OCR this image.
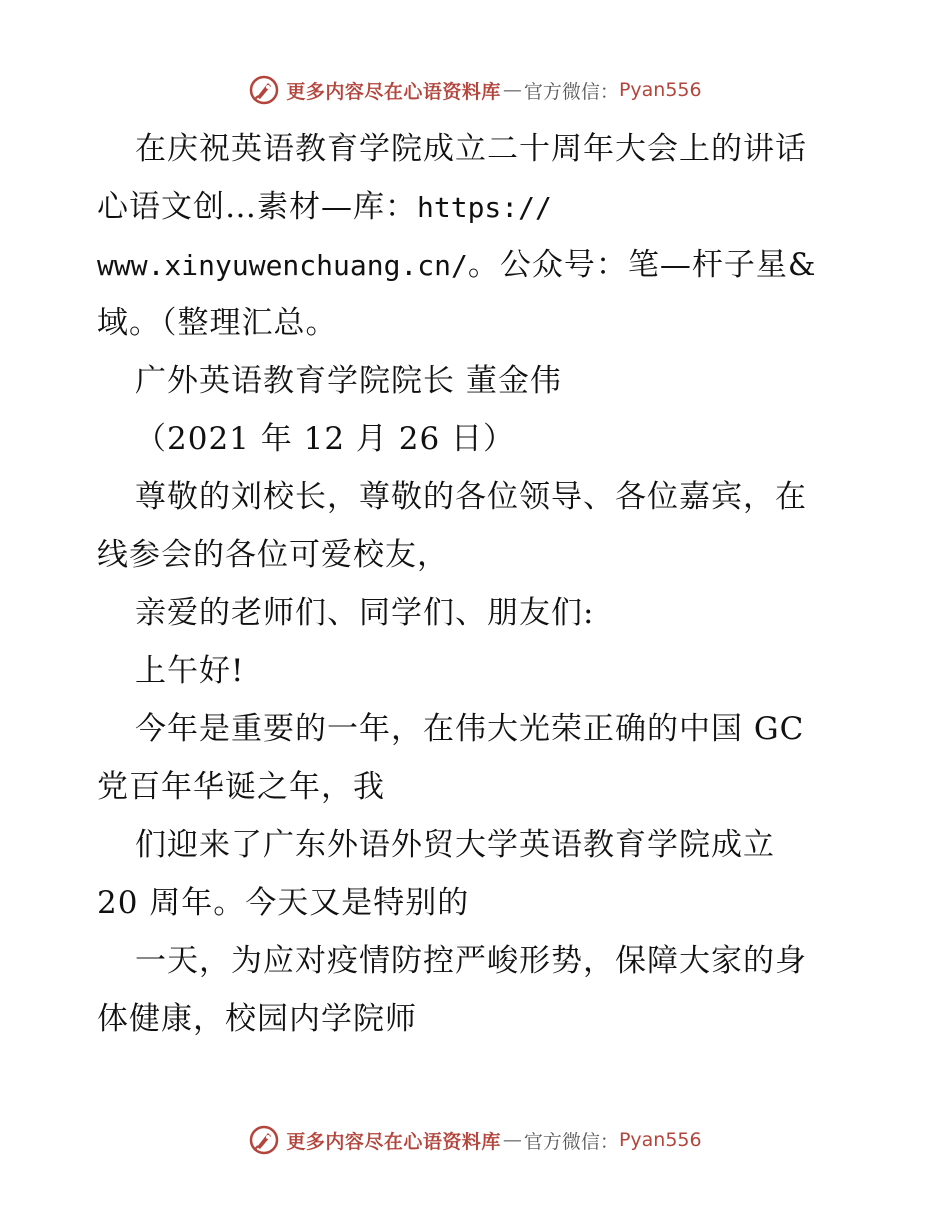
更多内容尽在心语资料库 — 官方微信： Pyan556
在庆祝英语教育学院成立二十周年大会上的讲话
心语文创…素材—库：https://
www.xinyuwenchuang.cn/。公众号：笔—杆子星&
域。（整理汇总。
广外英语教育学院院长 董金伟
（2021 年 12 月 26 日）
尊敬的刘校长，尊敬的各位领导、各位嘉宾，在
线参会的各位可爱校友，
亲爱的老师们、同学们、朋友们:
上午好!
今年是重要的一年，在伟大光荣正确的中国 GC
党百年华诞之年，我
们迎来了广东外语外贸大学英语教育学院成立
20 周年。今天又是特别的
一天，为应对疫情防控严峻形势，保障大家的身
体健康，校园内学院师
更多内容尽在心语资料库 — 官方微信： Pyan556
